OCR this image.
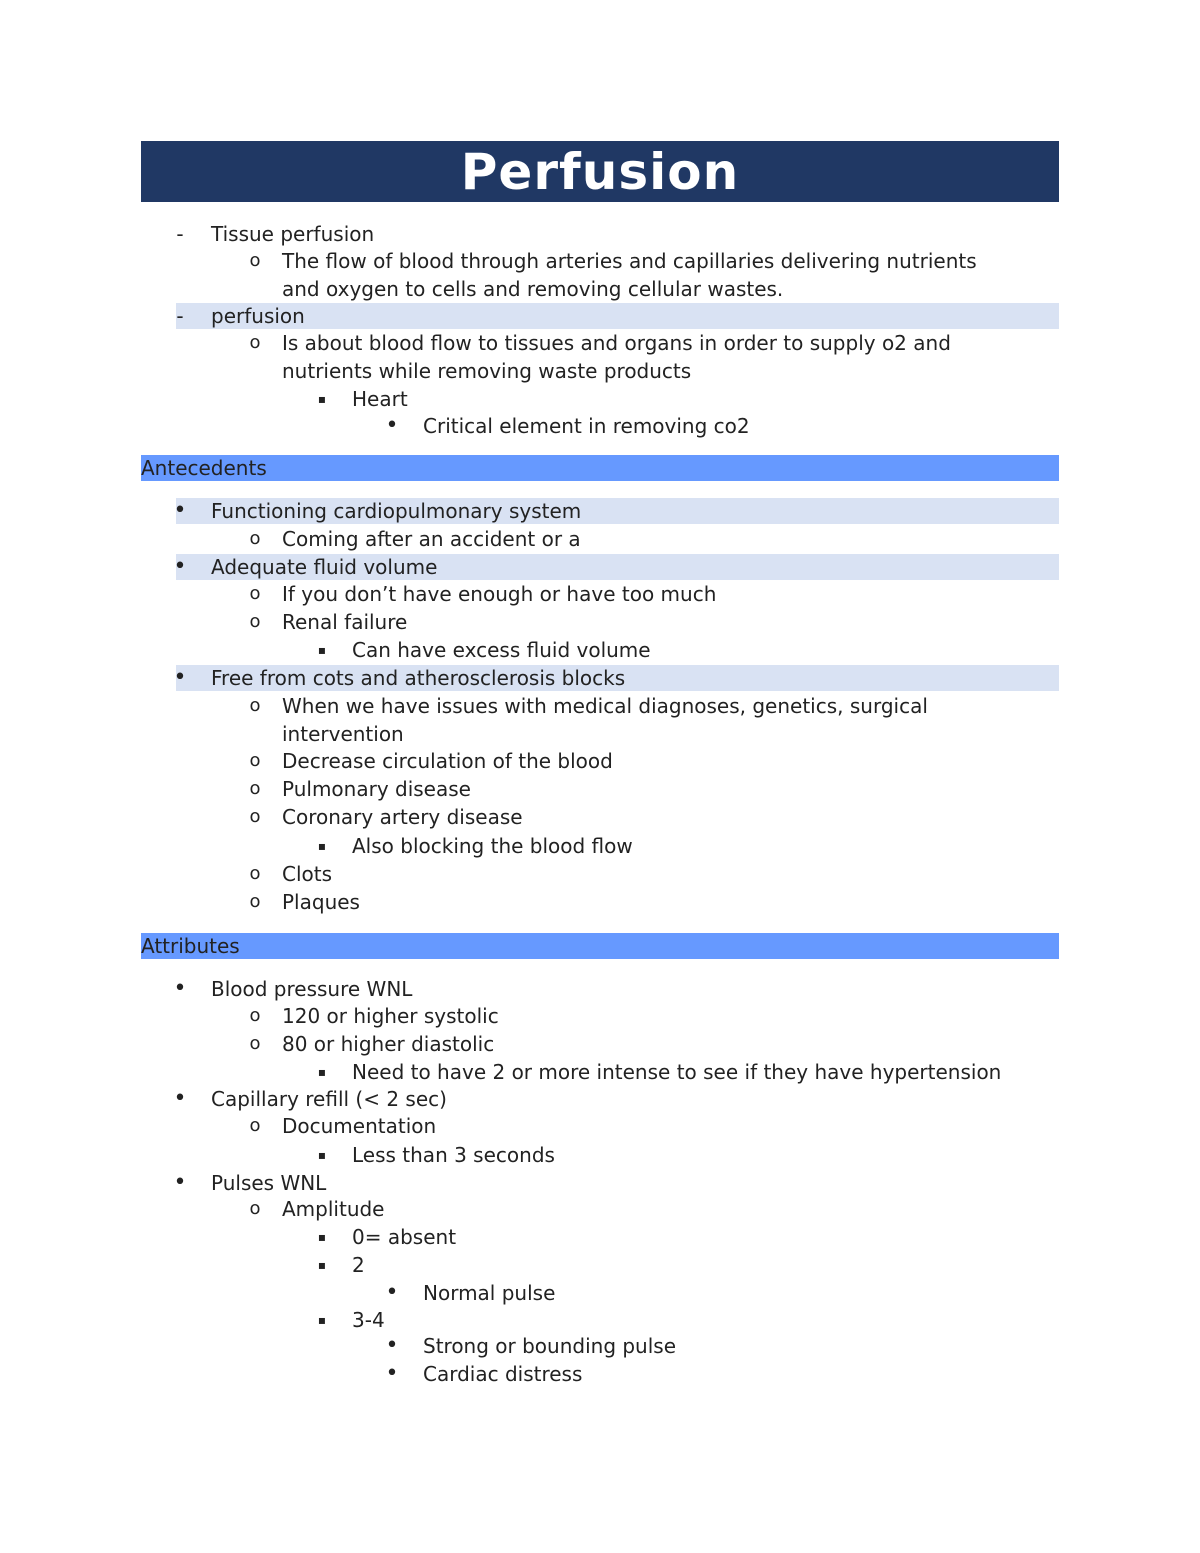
Perfusion
-	Tissue perfusion
o	The flow of blood through arteries and capillaries delivering nutrients
and oxygen to cells and removing cellular wastes.
-	perfusion
o	Is about blood flow to tissues and organs in order to supply o2 and
nutrients while removing waste products
▪	Heart
• Critical element in removing co2
Antecedents
• Functioning cardiopulmonary system
o	Coming after an accident or a
• Adequate fluid volume
o	If you don’t have enough or have too much
o	Renal failure
▪	Can have excess fluid volume
• Free from cots and atherosclerosis blocks
o	When we have issues with medical diagnoses, genetics, surgical
intervention
o	Decrease circulation of the blood
o	Pulmonary disease
o	Coronary artery disease
▪	Also blocking the blood flow
o	Clots
o	Plaques
Attributes
• Blood pressure WNL
o	120 or higher systolic
o	80 or higher diastolic
▪	Need to have 2 or more intense to see if they have hypertension
• Capillary refill (< 2 sec)
o	Documentation
▪	Less than 3 seconds
• Pulses WNL
o	Amplitude
▪	0= absent
▪	2
• Normal pulse
▪	3-4
• Strong or bounding pulse
• Cardiac distress
